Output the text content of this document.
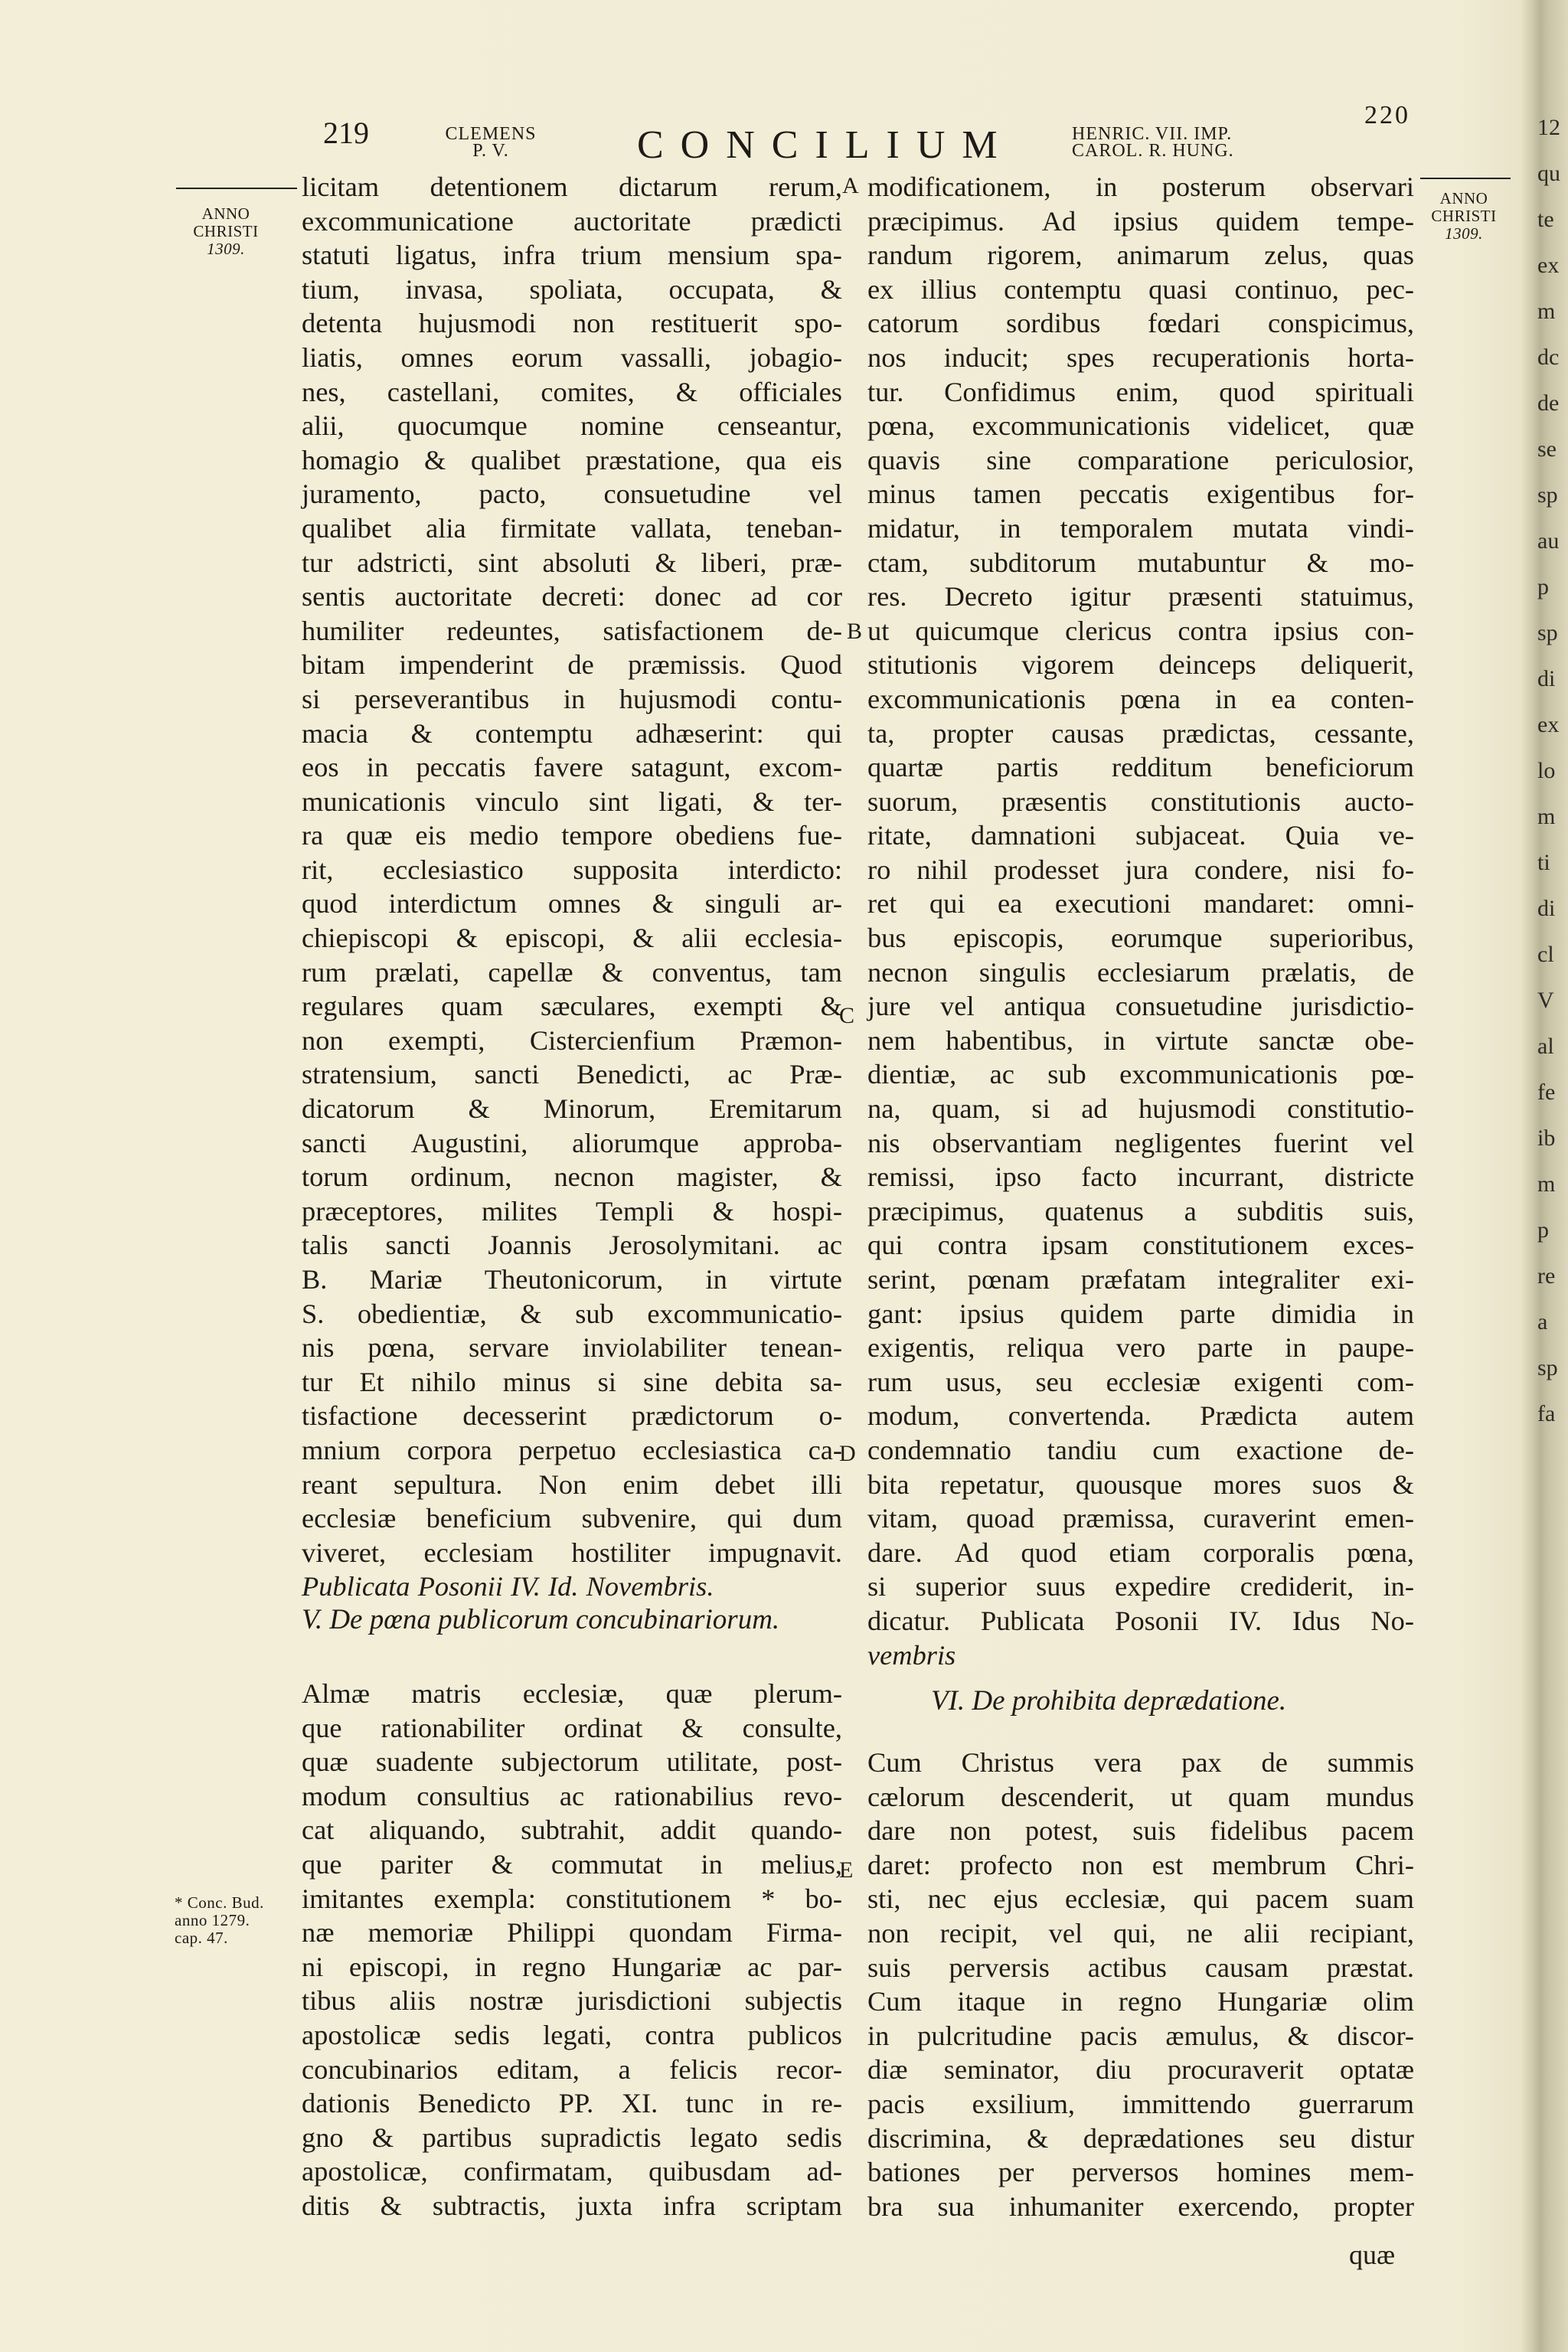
219	CLEMENS
P. V.	CONCILIUM	HENRIC. VII. IMP.
CAROL. R. HUNG.
220
ANNO
CHRISTI
1309.
ANNO
CHRISTI
1309.
* Conc. Bud.
anno 1279.
cap. 47.
A
B
C
D
E
licitam detentionem dictarum rerum,
excommunicatione auctoritate prædicti
statuti ligatus, infra trium mensium spa-
tium, invasa, spoliata, occupata, &
detenta hujusmodi non restituerit spo-
liatis, omnes eorum vassalli, jobagio-
nes, castellani, comites, & officiales
alii, quocumque nomine censeantur,
homagio & qualibet præstatione, qua eis
juramento, pacto, consuetudine vel
qualibet alia firmitate vallata, teneban-
tur adstricti, sint absoluti & liberi, præ-
sentis auctoritate decreti: donec ad cor
humiliter redeuntes, satisfactionem de-
bitam impenderint de præmissis. Quod
si perseverantibus in hujusmodi contu-
macia & contemptu adhæserint: qui
eos in peccatis favere satagunt, excom-
municationis vinculo sint ligati, & ter-
ra quæ eis medio tempore obediens fue-
rit, ecclesiastico supposita interdicto:
quod interdictum omnes & singuli ar-
chiepiscopi & episcopi, & alii ecclesia-
rum prælati, capellæ & conventus, tam
regulares quam sæculares, exempti &
non exempti, Cistercienfium Præmon-
stratensium, sancti Benedicti, ac Præ-
dicatorum & Minorum, Eremitarum
sancti Augustini, aliorumque approba-
torum ordinum, necnon magister, &
præceptores, milites Templi & hospi-
talis sancti Joannis Jerosolymitani. ac
B. Mariæ Theutonicorum, in virtute
S. obedientiæ, & sub excommunicatio-
nis pœna, servare inviolabiliter tenean-
tur Et nihilo minus si sine debita sa-
tisfactione decesserint prædictorum o-
mnium corpora perpetuo ecclesiastica ca-
reant sepultura. Non enim debet illi
ecclesiæ beneficium subvenire, qui dum
viveret, ecclesiam hostiliter impugnavit.
Publicata Posonii IV. Id. Novembris.
V. De pœna publicorum concubinariorum.
Almæ matris ecclesiæ, quæ plerum-
que rationabiliter ordinat & consulte,
quæ suadente subjectorum utilitate, post-
modum consultius ac rationabilius revo-
cat aliquando, subtrahit, addit quando-
que pariter & commutat in melius,
imitantes exempla: constitutionem * bo-
næ memoriæ Philippi quondam Firma-
ni episcopi, in regno Hungariæ ac par-
tibus aliis nostræ jurisdictioni subjectis
apostolicæ sedis legati, contra publicos
concubinarios editam, a felicis recor-
dationis Benedicto PP. XI. tunc in re-
gno & partibus supradictis legato sedis
apostolicæ, confirmatam, quibusdam ad-
ditis & subtractis, juxta infra scriptam
modificationem, in posterum observari
præcipimus. Ad ipsius quidem tempe-
randum rigorem, animarum zelus, quas
ex illius contemptu quasi continuo, pec-
catorum sordibus fœdari conspicimus,
nos inducit; spes recuperationis horta-
tur. Confidimus enim, quod spirituali
pœna, excommunicationis videlicet, quæ
quavis sine comparatione periculosior,
minus tamen peccatis exigentibus for-
midatur, in temporalem mutata vindi-
ctam, subditorum mutabuntur & mo-
res. Decreto igitur præsenti statuimus,
ut quicumque clericus contra ipsius con-
stitutionis vigorem deinceps deliquerit,
excommunicationis pœna in ea conten-
ta, propter causas prædictas, cessante,
quartæ partis redditum beneficiorum
suorum, præsentis constitutionis aucto-
ritate, damnationi subjaceat. Quia ve-
ro nihil prodesset jura condere, nisi fo-
ret qui ea executioni mandaret: omni-
bus episcopis, eorumque superioribus,
necnon singulis ecclesiarum prælatis, de
jure vel antiqua consuetudine jurisdictio-
nem habentibus, in virtute sanctæ obe-
dientiæ, ac sub excommunicationis pœ-
na, quam, si ad hujusmodi constitutio-
nis observantiam negligentes fuerint vel
remissi, ipso facto incurrant, districte
præcipimus, quatenus a subditis suis,
qui contra ipsam constitutionem exces-
serint, pœnam præfatam integraliter exi-
gant: ipsius quidem parte dimidia in
exigentis, reliqua vero parte in paupe-
rum usus, seu ecclesiæ exigenti com-
modum, convertenda. Prædicta autem
condemnatio tandiu cum exactione de-
bita repetatur, quousque mores suos &
vitam, quoad præmissa, curaverint emen-
dare. Ad quod etiam corporalis pœna,
si superior suus expedire crediderit, in-
dicatur. Publicata Posonii IV. Idus No-
vembris
VI. De prohibita deprædatione.
Cum Christus vera pax de summis
cælorum descenderit, ut quam mundus
dare non potest, suis fidelibus pacem
daret: profecto non est membrum Chri-
sti, nec ejus ecclesiæ, qui pacem suam
non recipit, vel qui, ne alii recipiant,
suis perversis actibus causam præstat.
Cum itaque in regno Hungariæ olim
in pulcritudine pacis æmulus, & discor-
diæ seminator, diu procuraverit optatæ
pacis exsilium, immittendo guerrarum
discrimina, & deprædationes seu distur
bationes per perversos homines mem-
bra sua inhumaniter exercendo, propter
quæ
12
qu
te
ex
m
dc
de
se
sp
au
p
sp
di
ex
lo
m
ti
di
cl
V
al
fe
ib
m
p
re
a
sp
fa
